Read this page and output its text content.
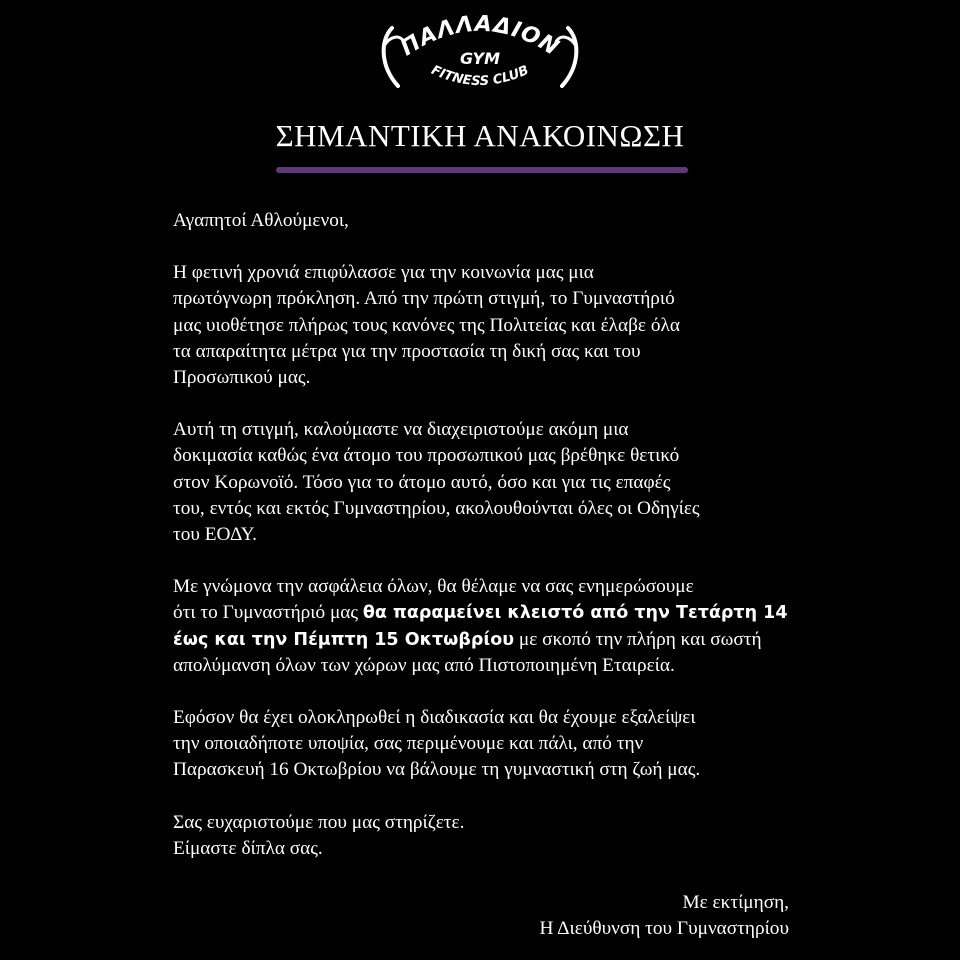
ΠΑΛΛΑΔΙΟΝ
GYM
FITNESS CLUB
ΣΗΜΑΝΤΙΚΗ ΑΝΑΚΟΙΝΩΣΗ

Αγαπητοί Αθλούμενοι,

Η φετινή χρονιά επιφύλασσε για την κοινωνία μας μια

πρωτόγνωρη πρόκληση. Από την πρώτη στιγμή, το Γυμναστήριό

μας υιοθέτησε πλήρως τους κανόνες της Πολιτείας και έλαβε όλα

τα απαραίτητα μέτρα για την προστασία τη δική σας και του

Προσωπικού μας.

Αυτή τη στιγμή, καλούμαστε να διαχειριστούμε ακόμη μια

δοκιμασία καθώς ένα άτομο του προσωπικού μας βρέθηκε θετικό

στον Κορωνοϊό. Τόσο για το άτομο αυτό, όσο και για τις επαφές

του, εντός και εκτός Γυμναστηρίου, ακολουθούνται όλες οι Οδηγίες

του ΕΟΔΥ.

Με γνώμονα την ασφάλεια όλων, θα θέλαμε να σας ενημερώσουμε

ότι το Γυμναστήριό μας θα παραμείνει κλειστό από την Τετάρτη 14

έως και την Πέμπτη 15 Οκτωβρίου με σκοπό την πλήρη και σωστή

απολύμανση όλων των χώρων μας από Πιστοποιημένη Εταιρεία.

Εφόσον θα έχει ολοκληρωθεί η διαδικασία και θα έχουμε εξαλείψει

την οποιαδήποτε υποψία, σας περιμένουμε και πάλι, από την

Παρασκευή 16 Οκτωβρίου να βάλουμε τη γυμναστική στη ζωή μας.

Σας ευχαριστούμε που μας στηρίζετε.

Είμαστε δίπλα σας.

Με εκτίμηση,

Η Διεύθυνση του Γυμναστηρίου
